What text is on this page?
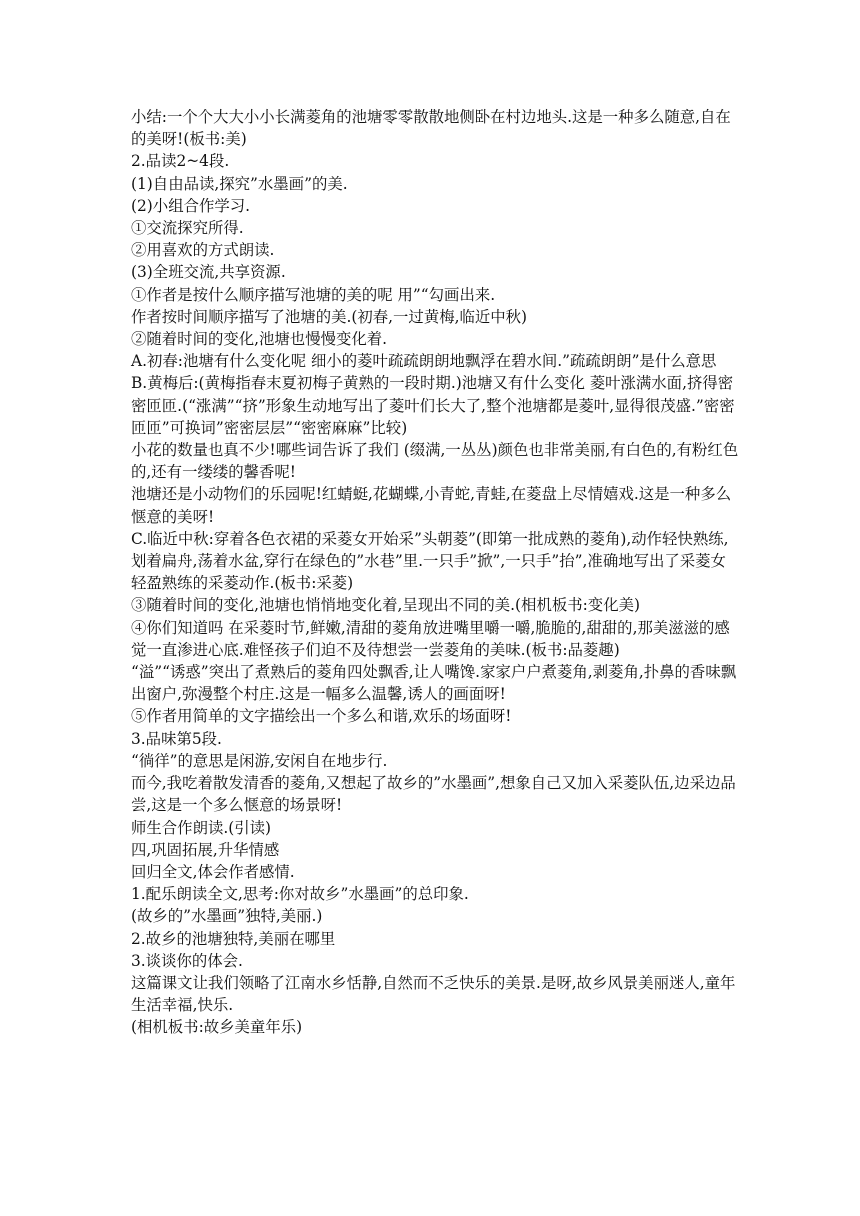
小结:一个个大大小小长满菱角的池塘零零散散地侧卧在村边地头.这是一种多么随意,自在的美呀!(板书:美)

2.品读2~4段.

(1)自由品读,探究”水墨画”的美.

(2)小组合作学习.

①交流探究所得.

②用喜欢的方式朗读.

(3)全班交流,共享资源.

①作者是按什么顺序描写池塘的美的呢 用”“勾画出来.

作者按时间顺序描写了池塘的美.(初春,一过黄梅,临近中秋)

②随着时间的变化,池塘也慢慢变化着.

A.初春:池塘有什么变化呢 细小的菱叶疏疏朗朗地飘浮在碧水间.”疏疏朗朗”是什么意思

B.黄梅后:(黄梅指春末夏初梅子黄熟的一段时期.)池塘又有什么变化 菱叶涨满水面,挤得密密匝匝.(“涨满”“挤”形象生动地写出了菱叶们长大了,整个池塘都是菱叶,显得很茂盛.”密密匝匝”可换词”密密层层”“密密麻麻”比较)

小花的数量也真不少!哪些词告诉了我们 (缀满,一丛丛)颜色也非常美丽,有白色的,有粉红色的,还有一缕缕的馨香呢!

池塘还是小动物们的乐园呢!红蜻蜓,花蝴蝶,小青蛇,青蛙,在菱盘上尽情嬉戏.这是一种多么惬意的美呀!

C.临近中秋:穿着各色衣裙的采菱女开始采”头朝菱”(即第一批成熟的菱角),动作轻快熟练,划着扁舟,荡着水盆,穿行在绿色的”水巷”里.一只手”掀”,一只手”抬”,准确地写出了采菱女轻盈熟练的采菱动作.(板书:采菱)

③随着时间的变化,池塘也悄悄地变化着,呈现出不同的美.(相机板书:变化美)

④你们知道吗 在采菱时节,鲜嫩,清甜的菱角放进嘴里嚼一嚼,脆脆的,甜甜的,那美滋滋的感觉一直渗进心底.难怪孩子们迫不及待想尝一尝菱角的美味.(板书:品菱趣)

“溢”“诱惑”突出了煮熟后的菱角四处飘香,让人嘴馋.家家户户煮菱角,剥菱角,扑鼻的香味飘出窗户,弥漫整个村庄.这是一幅多么温馨,诱人的画面呀!

⑤作者用简单的文字描绘出一个多么和谐,欢乐的场面呀!

3.品味第5段.

“徜徉”的意思是闲游,安闲自在地步行.

而今,我吃着散发清香的菱角,又想起了故乡的”水墨画”,想象自己又加入采菱队伍,边采边品尝,这是一个多么惬意的场景呀!

师生合作朗读.(引读)

四,巩固拓展,升华情感

回归全文,体会作者感情.

1.配乐朗读全文,思考:你对故乡”水墨画”的总印象.

(故乡的”水墨画”独特,美丽.)

2.故乡的池塘独特,美丽在哪里

3.谈谈你的体会.

这篇课文让我们领略了江南水乡恬静,自然而不乏快乐的美景.是呀,故乡风景美丽迷人,童年生活幸福,快乐.

(相机板书:故乡美童年乐)
